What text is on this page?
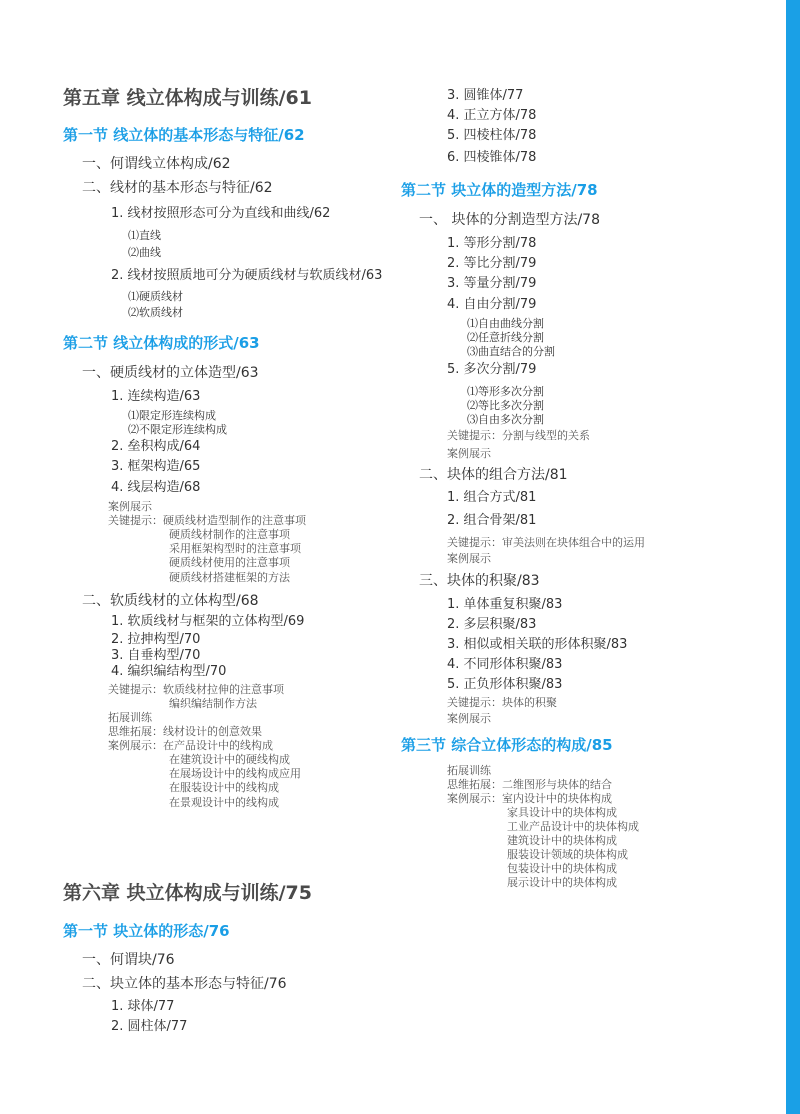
第五章 线立体构成与训练/61
第一节 线立体的基本形态与特征/62
一、何谓线立体构成/62
二、线材的基本形态与特征/62
1. 线材按照形态可分为直线和曲线/62
⑴直线
⑵曲线
2. 线材按照质地可分为硬质线材与软质线材/63
⑴硬质线材
⑵软质线材
第二节 线立体构成的形式/63
一、硬质线材的立体造型/63
1. 连续构造/63
⑴限定形连续构成
⑵不限定形连续构成
2. 垒积构成/64
3. 框架构造/65
4. 线层构造/68
案例展示
关键提示：硬质线材造型制作的注意事项
硬质线材制作的注意事项
采用框架构型时的注意事项
硬质线材使用的注意事项
硬质线材搭建框架的方法
二、软质线材的立体构型/68
1. 软质线材与框架的立体构型/69
2. 拉抻构型/70
3. 自垂构型/70
4. 编织编结构型/70
关键提示：软质线材拉伸的注意事项
编织编结制作方法
拓展训练
思维拓展：线材设计的创意效果
案例展示：在产品设计中的线构成
在建筑设计中的硬线构成
在展场设计中的线构成应用
在服装设计中的线构成
在景观设计中的线构成
第六章 块立体构成与训练/75
第一节 块立体的形态/76
一、何谓块/76
二、块立体的基本形态与特征/76
1. 球体/77
2. 圆柱体/77
3. 圆锥体/77
4. 正立方体/78
5. 四棱柱体/78
6. 四棱锥体/78
第二节 块立体的造型方法/78
一、 块体的分割造型方法/78
1. 等形分割/78
2. 等比分割/79
3. 等量分割/79
4. 自由分割/79
⑴自由曲线分割
⑵任意折线分割
⑶曲直结合的分割
5. 多次分割/79
⑴等形多次分割
⑵等比多次分割
⑶自由多次分割
关键提示：分割与线型的关系
案例展示
二、块体的组合方法/81
1. 组合方式/81
2. 组合骨架/81
关键提示：审美法则在块体组合中的运用
案例展示
三、块体的积聚/83
1. 单体重复积聚/83
2. 多层积聚/83
3. 相似或相关联的形体积聚/83
4. 不同形体积聚/83
5. 正负形体积聚/83
关键提示：块体的积聚
案例展示
第三节 综合立体形态的构成/85
拓展训练
思维拓展：二维图形与块体的结合
案例展示：室内设计中的块体构成
家具设计中的块体构成
工业产品设计中的块体构成
建筑设计中的块体构成
服装设计领域的块体构成
包装设计中的块体构成
展示设计中的块体构成
